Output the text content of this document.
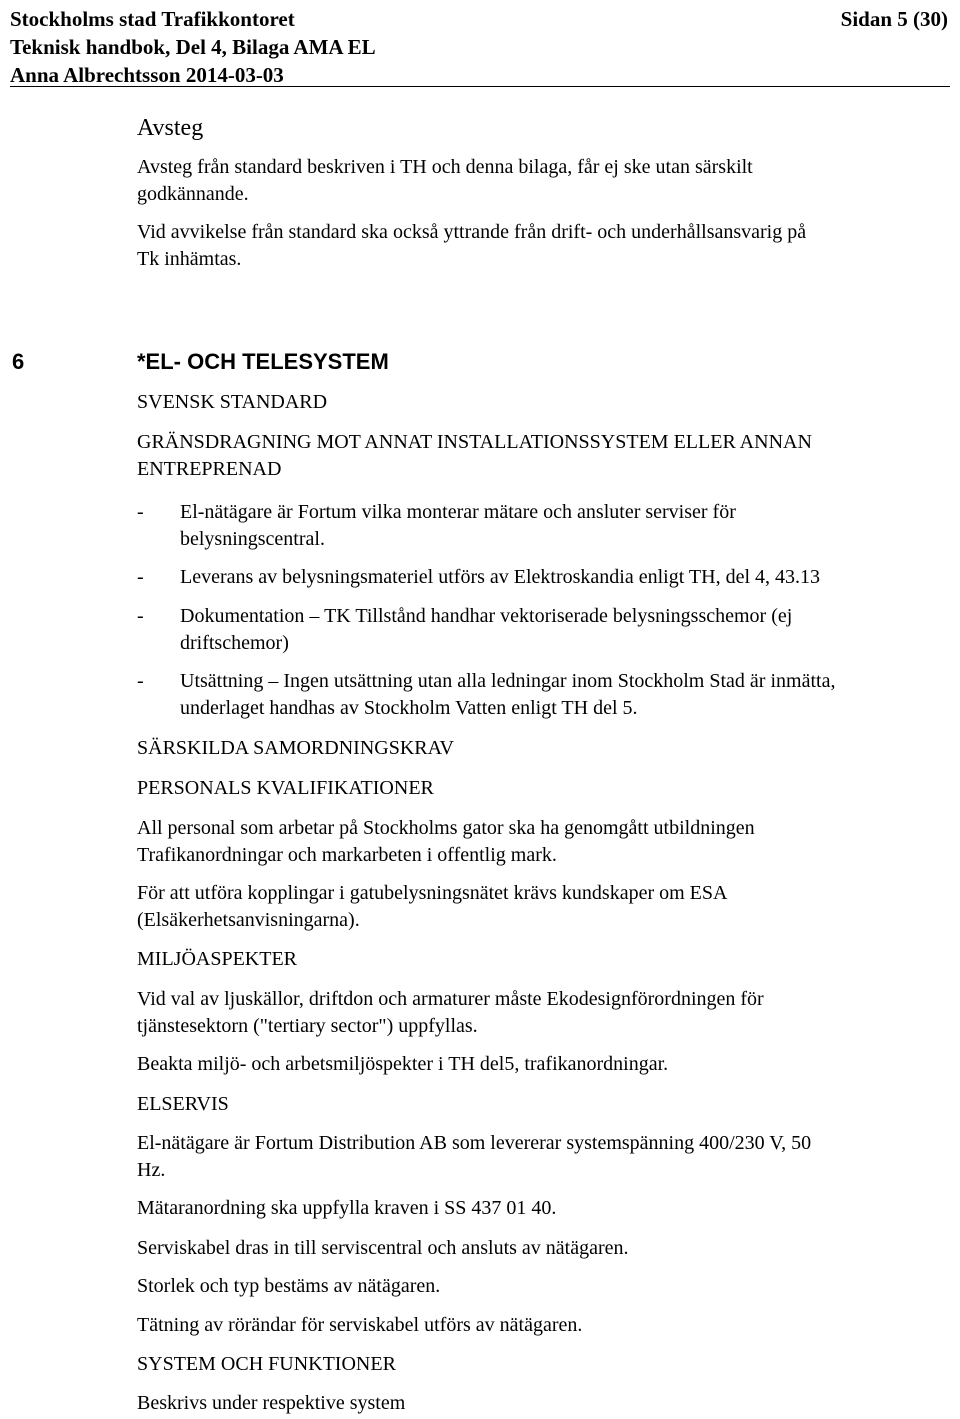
Stockholms stad Trafikkontoret
Teknisk handbok, Del 4, Bilaga AMA EL
Anna Albrechtsson 2014-03-03
Sidan 5 (30)
Avsteg
Avsteg från standard beskriven i TH och denna bilaga, får ej ske utan särskilt
godkännande.
Vid avvikelse från standard ska också yttrande från drift- och underhållsansvarig på
Tk inhämtas.
6	*EL- OCH TELESYSTEM
SVENSK STANDARD
GRÄNSDRAGNING MOT ANNAT INSTALLATIONSSYSTEM ELLER ANNAN
ENTREPRENAD
- El-nätägare är Fortum vilka monterar mätare och ansluter serviser för
belysningscentral.
- Leverans av belysningsmateriel utförs av Elektroskandia enligt TH, del 4, 43.13
- Dokumentation – TK Tillstånd handhar vektoriserade belysningsschemor (ej
driftschemor)
- Utsättning – Ingen utsättning utan alla ledningar inom Stockholm Stad är inmätta,
underlaget handhas av Stockholm Vatten enligt TH del 5.
SÄRSKILDA SAMORDNINGSKRAV
PERSONALS KVALIFIKATIONER
All personal som arbetar på Stockholms gator ska ha genomgått utbildningen
Trafikanordningar och markarbeten i offentlig mark.
För att utföra kopplingar i gatubelysningsnätet krävs kundskaper om ESA
(Elsäkerhetsanvisningarna).
MILJÖASPEKTER
Vid val av ljuskällor, driftdon och armaturer måste Ekodesignförordningen för
tjänstesektorn ("tertiary sector") uppfyllas.
Beakta miljö- och arbetsmiljöspekter i TH del5, trafikanordningar.
ELSERVIS
El-nätägare är Fortum Distribution AB som levererar systemspänning 400/230 V, 50
Hz.
Mätaranordning ska uppfylla kraven i SS 437 01 40.
Serviskabel dras in till serviscentral och ansluts av nätägaren.
Storlek och typ bestäms av nätägaren.
Tätning av rörändar för serviskabel utförs av nätägaren.
SYSTEM OCH FUNKTIONER
Beskrivs under respektive system
